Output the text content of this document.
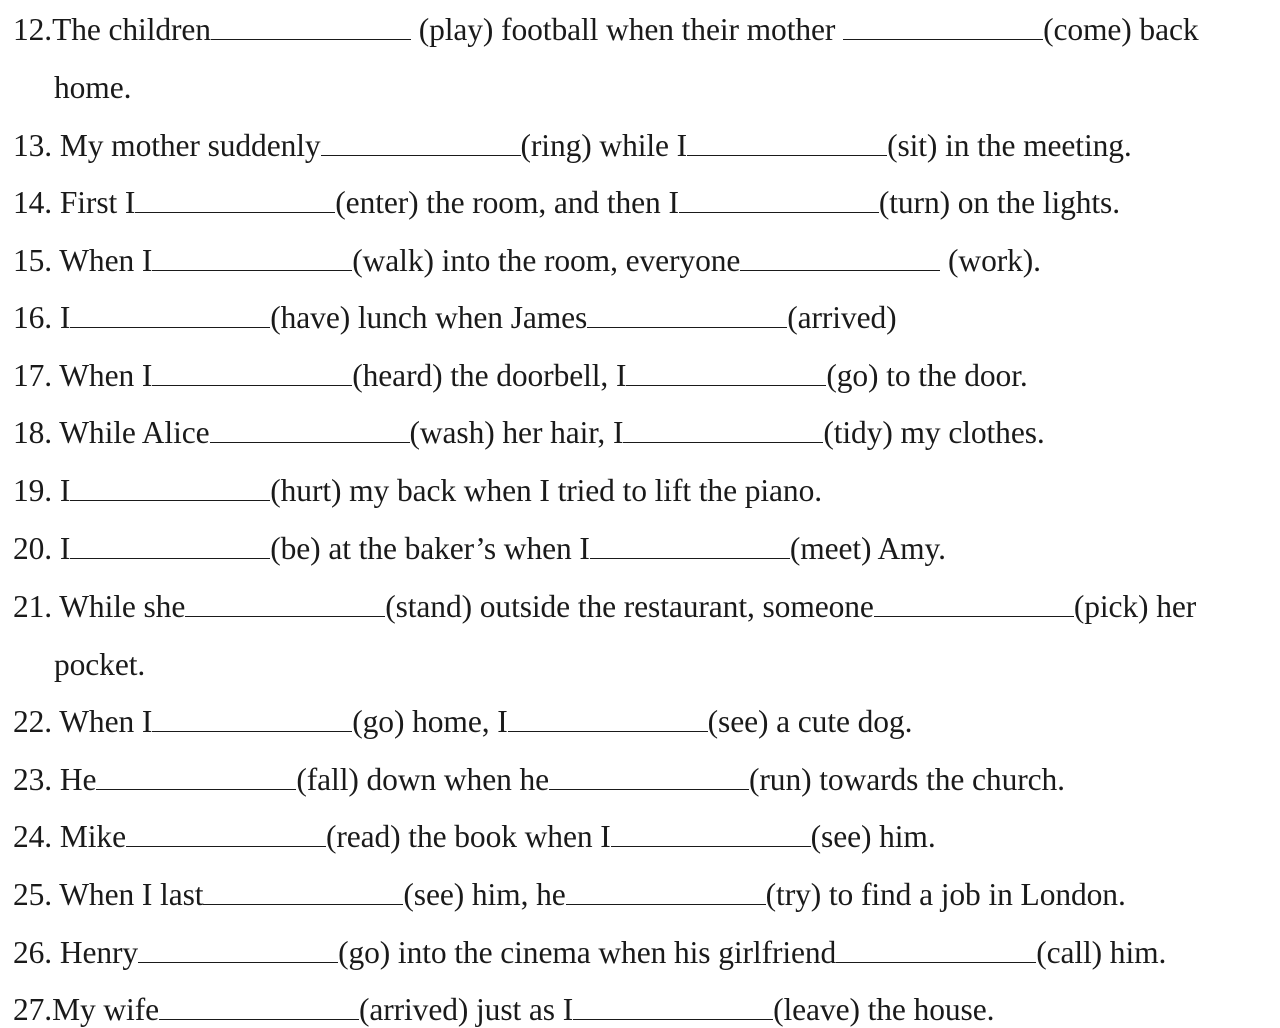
12.The children	(play) football when their mother	(come) back
home.
13. My mother suddenly	(ring) while I	(sit) in the meeting.
14. First I	(enter) the room, and then I	(turn) on the lights.
15. When I	(walk) into the room, everyone	(work).
16. I	(have) lunch when James	(arrived)
17. When I	(heard) the doorbell, I	(go) to the door.
18. While Alice	(wash) her hair, I	(tidy) my clothes.
19. I	(hurt) my back when I tried to lift the piano.
20. I	(be) at the baker’s when I	(meet) Amy.
21. While she	(stand) outside the restaurant, someone	(pick) her
pocket.
22. When I	(go) home, I	(see) a cute dog.
23. He	(fall) down when he	(run) towards the church.
24. Mike	(read) the book when I	(see) him.
25. When I last	(see) him, he	(try) to find a job in London.
26. Henry	(go) into the cinema when his girlfriend	(call) him.
27.My wife	(arrived) just as I	(leave) the house.
